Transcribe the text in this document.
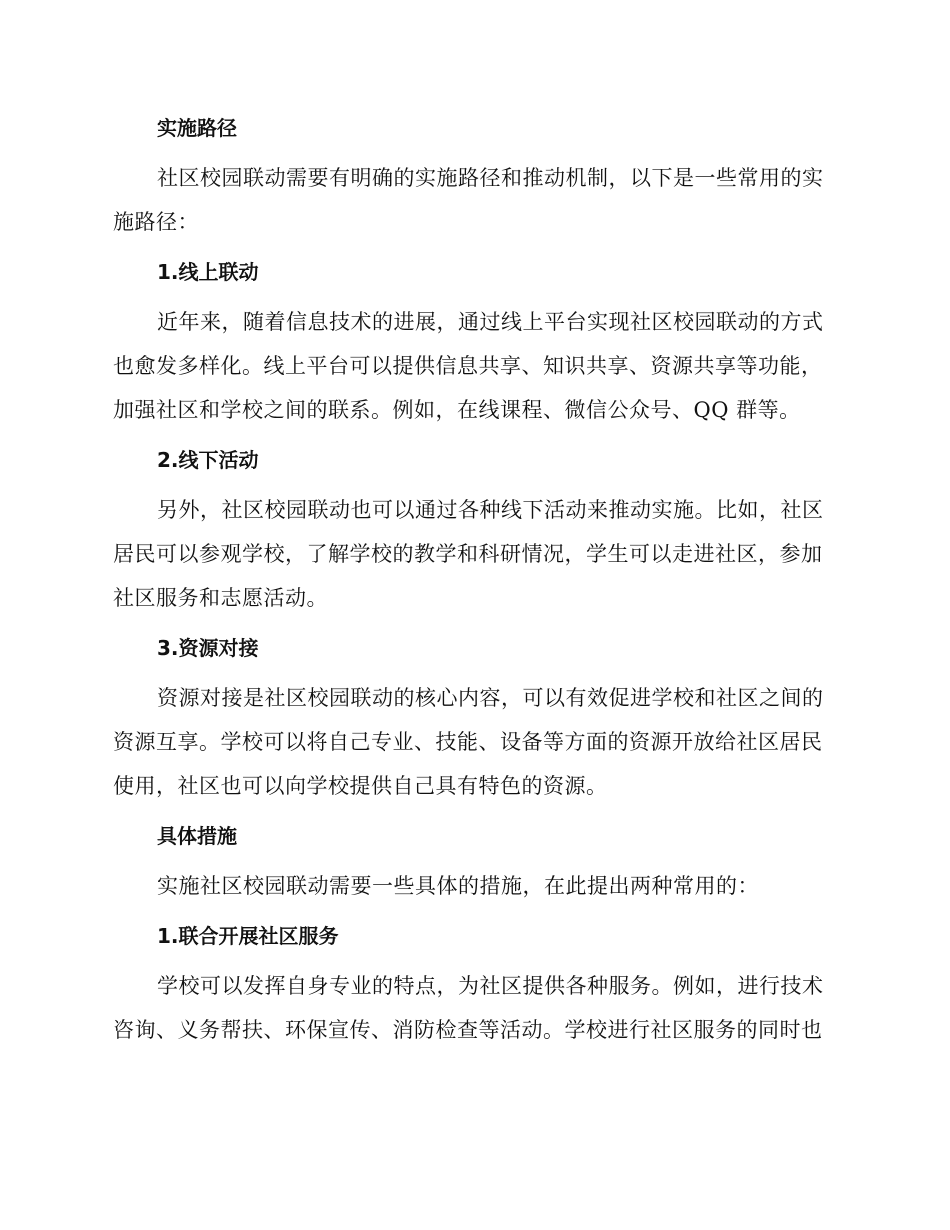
实施路径
社区校园联动需要有明确的实施路径和推动机制，以下是一些常用的实
施路径：
1.线上联动
近年来，随着信息技术的进展，通过线上平台实现社区校园联动的方式
也愈发多样化。线上平台可以提供信息共享、知识共享、资源共享等功能，
加强社区和学校之间的联系。例如，在线课程、微信公众号、QQ 群等。
2.线下活动
另外，社区校园联动也可以通过各种线下活动来推动实施。比如，社区
居民可以参观学校，了解学校的教学和科研情况，学生可以走进社区，参加
社区服务和志愿活动。
3.资源对接
资源对接是社区校园联动的核心内容，可以有效促进学校和社区之间的
资源互享。学校可以将自己专业、技能、设备等方面的资源开放给社区居民
使用，社区也可以向学校提供自己具有特色的资源。
具体措施
实施社区校园联动需要一些具体的措施，在此提出两种常用的：
1.联合开展社区服务
学校可以发挥自身专业的特点，为社区提供各种服务。例如，进行技术
咨询、义务帮扶、环保宣传、消防检查等活动。学校进行社区服务的同时也
